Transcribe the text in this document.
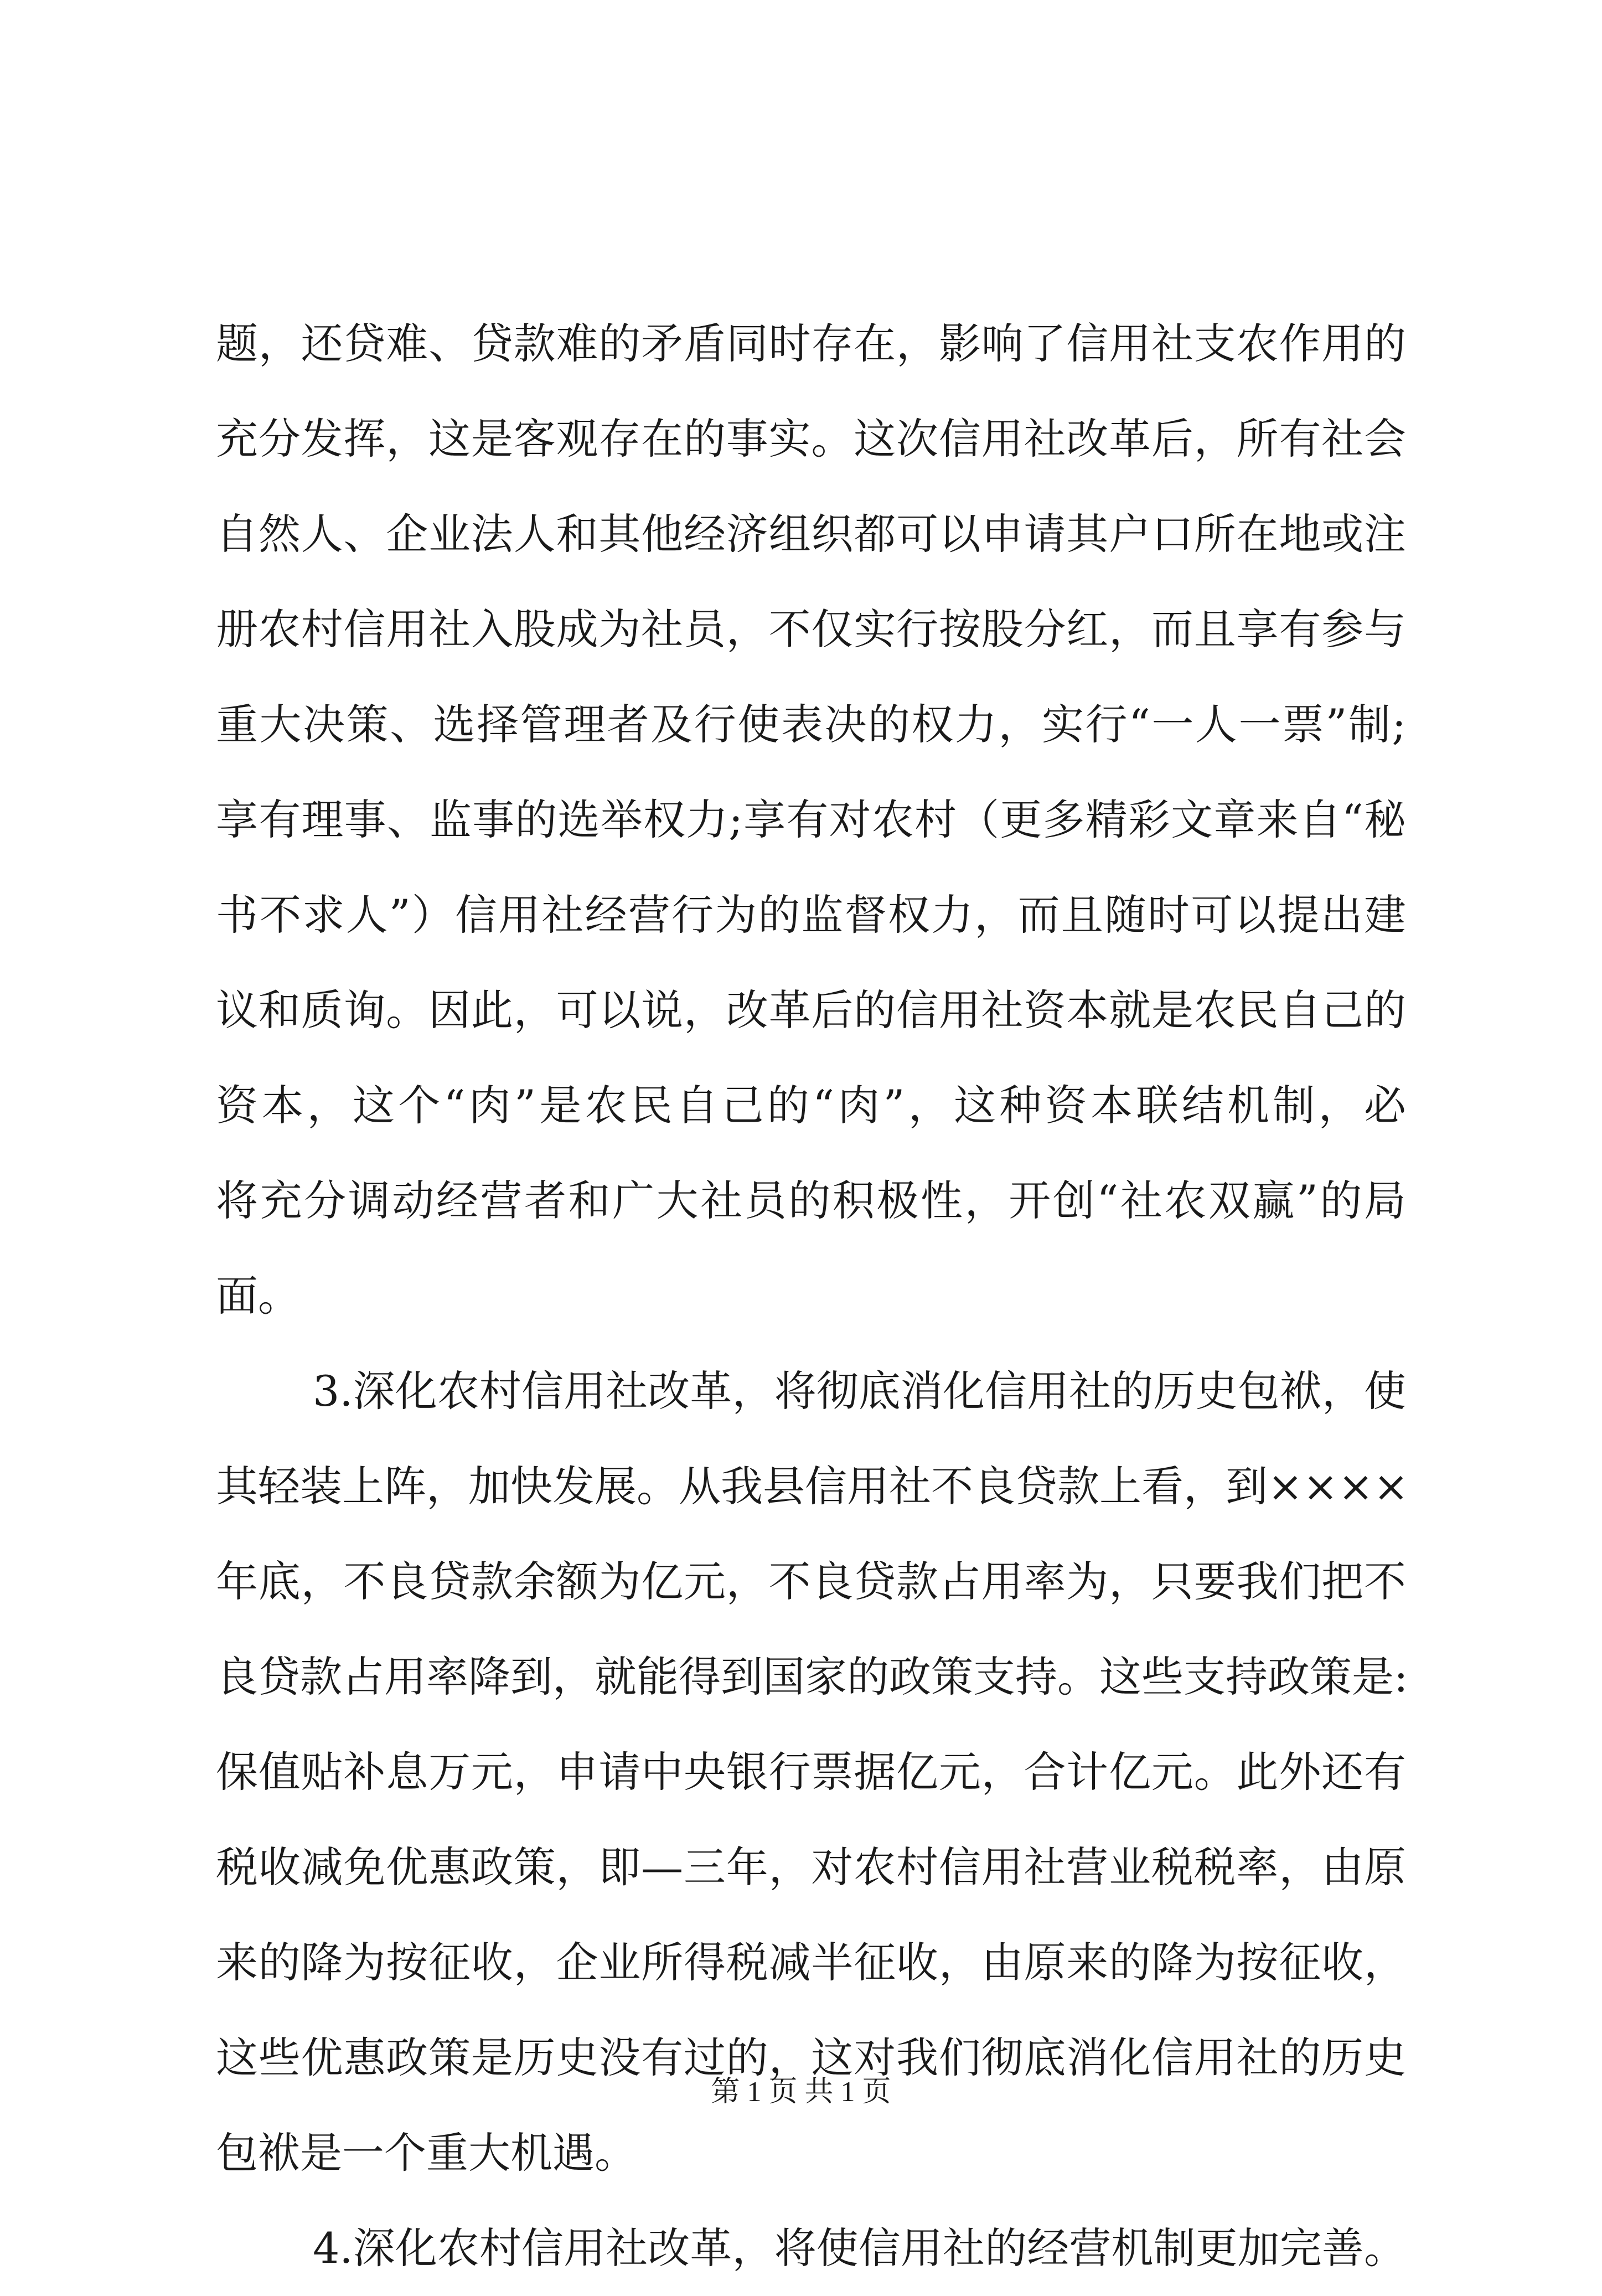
题，还贷难、贷款难的矛盾同时存在，影响了信用社支农作用的
充分发挥，这是客观存在的事实。这次信用社改革后，所有社会
自然人、企业法人和其他经济组织都可以申请其户口所在地或注
册农村信用社入股成为社员，不仅实行按股分红，而且享有参与
重大决策、选择管理者及行使表决的权力，实行“一人一票”制;
享有理事、监事的选举权力;享有对农村（更多精彩文章来自“秘
书不求人”）信用社经营行为的监督权力，而且随时可以提出建
议和质询。因此，可以说，改革后的信用社资本就是农民自己的
资本，这个“肉”是农民自己的“肉”，这种资本联结机制，必
将充分调动经营者和广大社员的积极性，开创“社农双赢”的局
面。
3.深化农村信用社改革，将彻底消化信用社的历史包袱，使
其轻装上阵，加快发展。从我县信用社不良贷款上看，到××××
年底，不良贷款余额为亿元，不良贷款占用率为，只要我们把不
良贷款占用率降到，就能得到国家的政策支持。这些支持政策是:
保值贴补息万元，申请中央银行票据亿元，合计亿元。此外还有
税收减免优惠政策，即—三年，对农村信用社营业税税率，由原
来的降为按征收，企业所得税减半征收，由原来的降为按征收，
这些优惠政策是历史没有过的，这对我们彻底消化信用社的历史
包袱是一个重大机遇。
4.深化农村信用社改革，将使信用社的经营机制更加完善。
第 1 页 共 1 页
